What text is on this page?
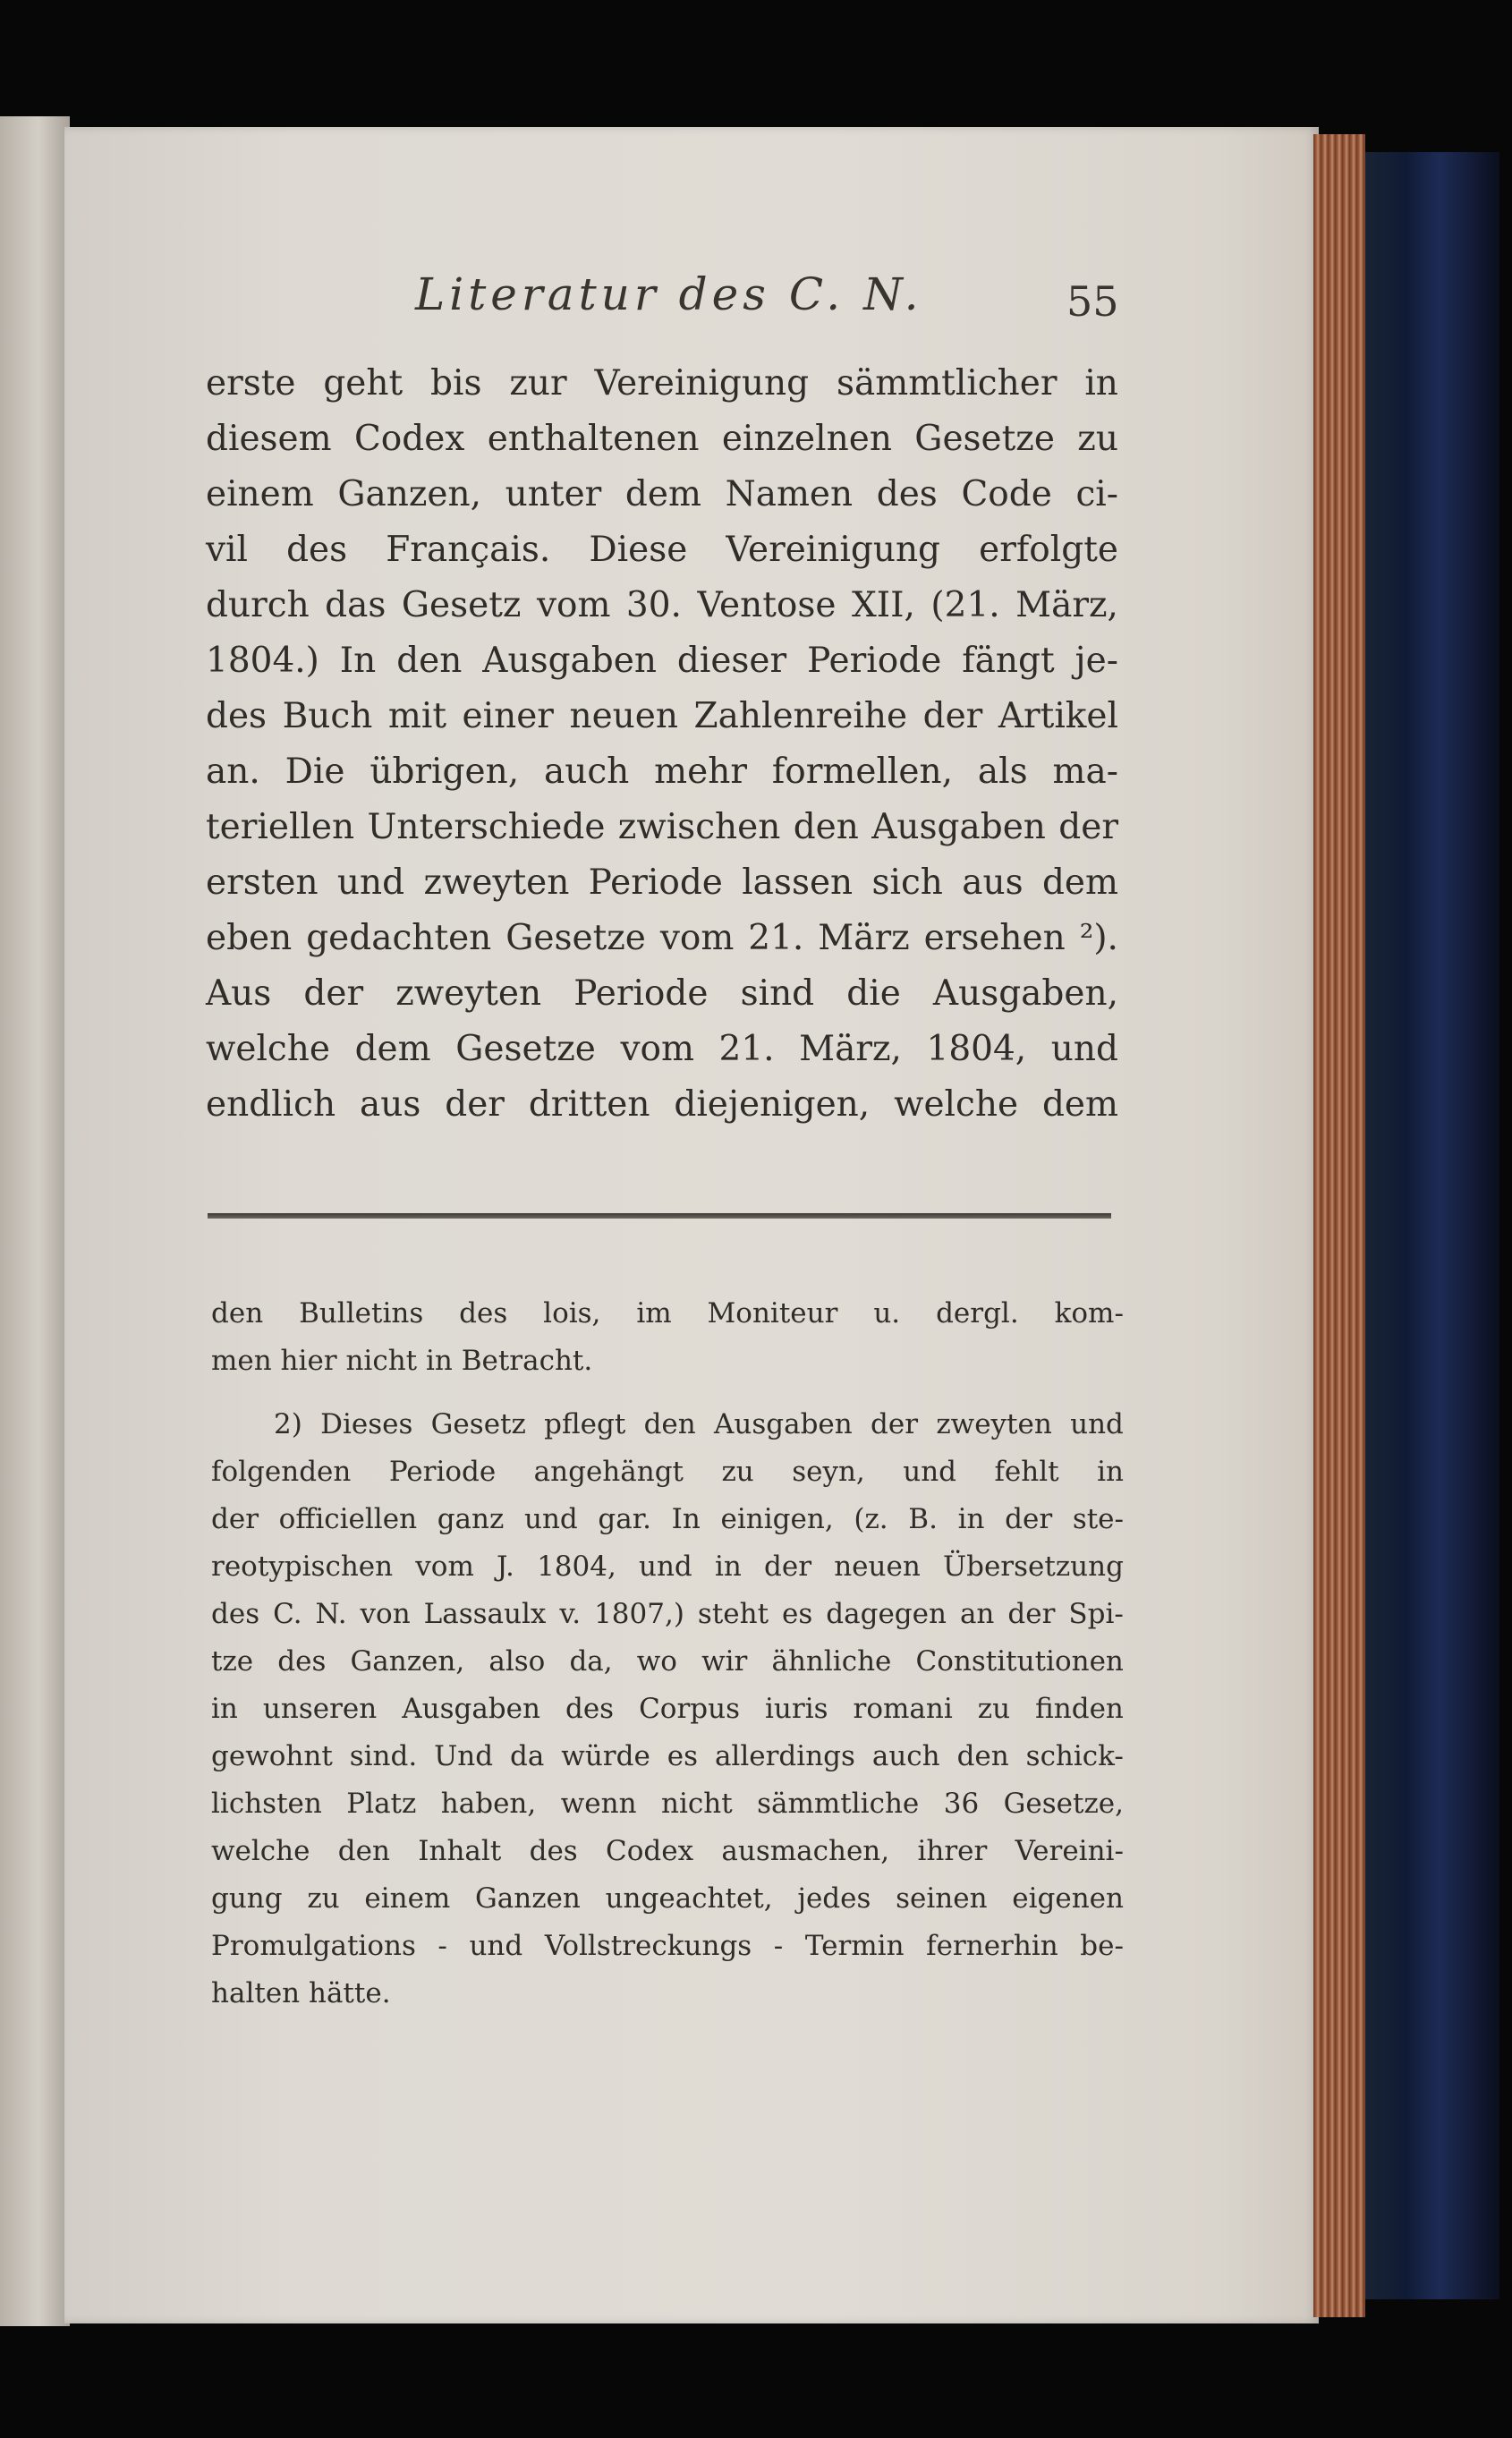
Literatur des C. N.	55
erste geht bis zur Vereinigung sämmtlicher in
diesem Codex enthaltenen einzelnen Gesetze zu
einem Ganzen, unter dem Namen des Code ci-
vil des Français. Diese Vereinigung erfolgte
durch das Gesetz vom 30. Ventose XII, (21. März,
1804.) In den Ausgaben dieser Periode fängt je-
des Buch mit einer neuen Zahlenreihe der Artikel
an. Die übrigen, auch mehr formellen, als ma-
teriellen Unterschiede zwischen den Ausgaben der
ersten und zweyten Periode lassen sich aus dem
eben gedachten Gesetze vom 21. März ersehen ²).
Aus der zweyten Periode sind die Ausgaben,
welche dem Gesetze vom 21. März, 1804, und
endlich aus der dritten diejenigen, welche dem
den Bulletins des lois, im Moniteur u. dergl. kom-
men hier nicht in Betracht.
2) Dieses Gesetz pflegt den Ausgaben der zweyten und
folgenden Periode angehängt zu seyn, und fehlt in
der officiellen ganz und gar. In einigen, (z. B. in der ste-
reotypischen vom J. 1804, und in der neuen Übersetzung
des C. N. von Lassaulx v. 1807,) steht es dagegen an der Spi-
tze des Ganzen, also da, wo wir ähnliche Constitutionen
in unseren Ausgaben des Corpus iuris romani zu finden
gewohnt sind. Und da würde es allerdings auch den schick-
lichsten Platz haben, wenn nicht sämmtliche 36 Gesetze,
welche den Inhalt des Codex ausmachen, ihrer Vereini-
gung zu einem Ganzen ungeachtet, jedes seinen eigenen
Promulgations - und Vollstreckungs - Termin fernerhin be-
halten hätte.
